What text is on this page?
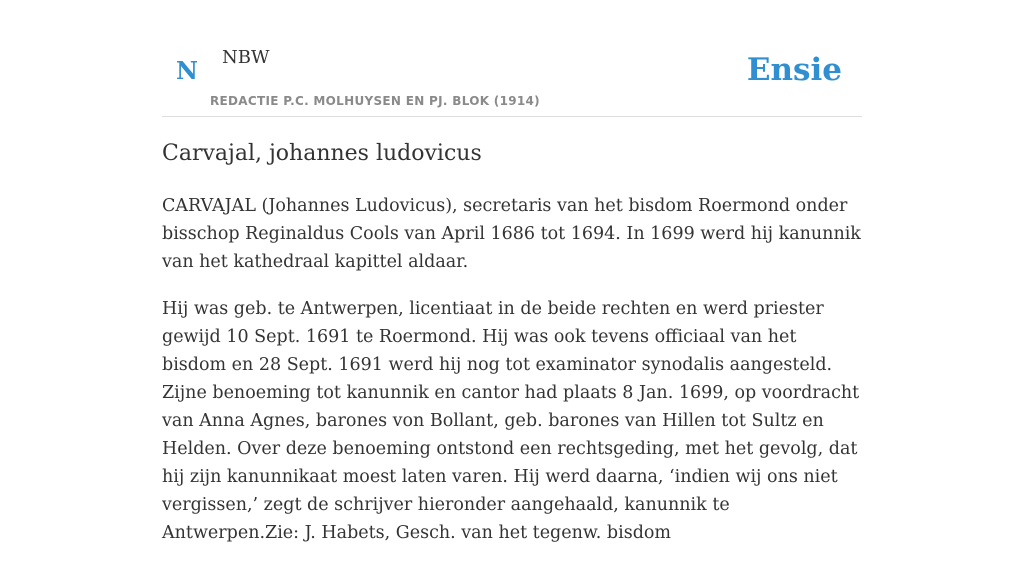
N NBW
REDACTIE P.C. MOLHUYSEN EN PJ. BLOK (1914)
Ensie
Carvajal, johannes ludovicus

CARVAJAL (Johannes Ludovicus), secretaris van het bisdom Roermond onder bisschop Reginaldus Cools van April 1686 tot 1694. In 1699 werd hij kanunnik van het kathedraal kapittel aldaar.

Hij was geb. te Antwerpen, licentiaat in de beide rechten en werd priester gewijd 10 Sept. 1691 te Roermond. Hij was ook tevens officiaal van het bisdom en 28 Sept. 1691 werd hij nog tot examinator synodalis aangesteld. Zijne benoeming tot kanunnik en cantor had plaats 8 Jan. 1699, op voordracht van Anna Agnes, barones von Bollant, geb. barones van Hillen tot Sultz en Helden. Over deze benoeming ontstond een rechtsgeding, met het gevolg, dat hij zijn kanunnikaat moest laten varen. Hij werd daarna, ‘indien wij ons niet vergissen,’ zegt de schrijver hieronder aangehaald, kanunnik te Antwerpen.Zie: J. Habets, Gesch. van het tegenw. bisdom
